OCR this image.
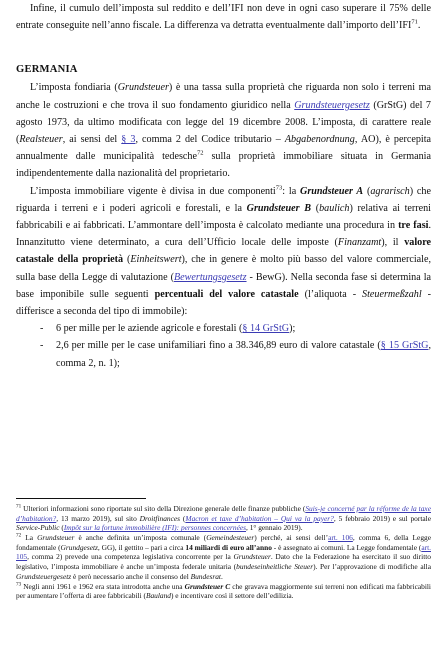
Infine, il cumulo dell’imposta sul reddito e dell’IFI non deve in ogni caso superare il 75% delle entrate conseguite nell’anno fiscale. La differenza va detratta eventualmente dall’importo dell’IFI$^{71}$.

GERMANIA

L’imposta fondiaria (Grundsteuer) è una tassa sulla proprietà che riguarda non solo i terreni ma anche le costruzioni e che trova il suo fondamento giuridico nella Grundsteuergesetz (GrStG) del 7 agosto 1973, da ultimo modificata con legge del 19 dicembre 2008. L’imposta, di carattere reale (Realsteuer, ai sensi del § 3, comma 2 del Codice tributario – Abgabenordnung, AO), è percepita annualmente dalle municipalità tedesche$^{72}$ sulla proprietà immobiliare situata in Germania indipendentemente dalla nazionalità del proprietario.

L’imposta immobiliare vigente è divisa in due componenti$^{73}$: la Grundsteuer A (agrarisch) che riguarda i terreni e i poderi agricoli e forestali, e la Grundsteuer B (baulich) relativa ai terreni fabbricabili e ai fabbricati. L’ammontare dell’imposta è calcolato mediante una procedura in tre fasi. Innanzitutto viene determinato, a cura dell’Ufficio locale delle imposte (Finanzamt), il valore catastale della proprietà (Einheitswert), che in genere è molto più basso del valore commerciale, sulla base della Legge di valutazione (Bewertungsgesetz - BewG). Nella seconda fase si determina la base imponibile sulle seguenti percentuali del valore catastale (l’aliquota - Steuermeßzahl - differisce a seconda del tipo di immobile):

- 6 per mille per le aziende agricole e forestali (§ 14 GrStG);
- 2,6 per mille per le case unifamiliari fino a 38.346,89 euro di valore catastale (§ 15 GrStG, comma 2, n. 1);

$^{71}$ Ulteriori informazioni sono riportate sul sito della Direzione generale delle finanze pubbliche (Suis-je concerné par la réforme de la taxe d’habitation?, 13 marzo 2019), sul sito Droitfinances (Macron et taxe d’habitation – Qui va la payer?, 5 febbraio 2019) e sul portale Service-Public (Impôt sur la fortune immobilière (IFI): personnes concernées, 1° gennaio 2019).

$^{72}$ La Grundsteuer è anche definita un’imposta comunale (Gemeindesteuer) perché, ai sensi dell’art. 106, comma 6, della Legge fondamentale (Grundgesetz, GG), il gettito – pari a circa 14 miliardi di euro all’anno - è assegnato ai comuni. La Legge fondamentale (art. 105, comma 2) prevede una competenza legislativa concorrente per la Grundsteuer. Dato che la Federazione ha esercitato il suo diritto legislativo, l’imposta immobiliare è anche un’imposta federale unitaria (bundeseinheitliche Steuer). Per l’approvazione di modifiche alla Grundsteuergesetz è però necessario anche il consenso del Bundesrat.

$^{73}$ Negli anni 1961 e 1962 era stata introdotta anche una Grundsteuer C che gravava maggiormente sui terreni non edificati ma fabbricabili per aumentare l’offerta di aree fabbricabili (Bauland) e incentivare così il settore dell’edilizia.
